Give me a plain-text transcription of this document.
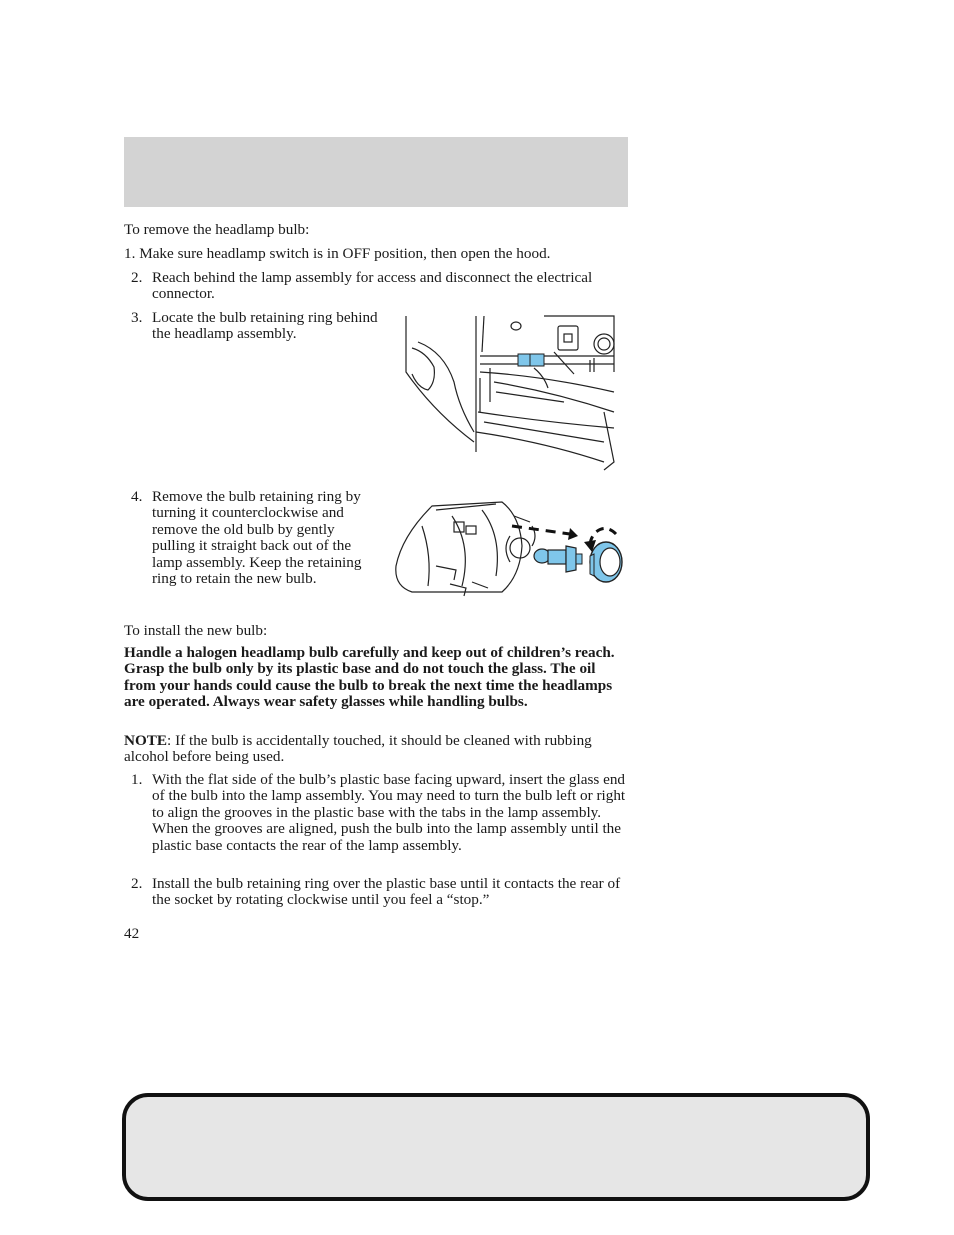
To remove the headlamp bulb:
1. Make sure headlamp switch is in OFF position, then open the hood.
2. Reach behind the lamp assembly for access and disconnect the electrical connector.
3. Locate the bulb retaining ring behind the headlamp assembly.
4. Remove the bulb retaining ring by turning it counterclockwise and remove the old bulb by gently pulling it straight back out of the lamp assembly. Keep the retaining ring to retain the new bulb.
To install the new bulb:
Handle a halogen headlamp bulb carefully and keep out of children’s reach. Grasp the bulb only by its plastic base and do not touch the glass. The oil from your hands could cause the bulb to break the next time the headlamps are operated. Always wear safety glasses while handling bulbs.
NOTE: If the bulb is accidentally touched, it should be cleaned with rubbing alcohol before being used.
1. With the flat side of the bulb’s plastic base facing upward, insert the glass end of the bulb into the lamp assembly. You may need to turn the bulb left or right to align the grooves in the plastic base with the tabs in the lamp assembly. When the grooves are aligned, push the bulb into the lamp assembly until the plastic base contacts the rear of the lamp assembly.
2. Install the bulb retaining ring over the plastic base until it contacts the rear of the socket by rotating clockwise until you feel a “stop.”
42
